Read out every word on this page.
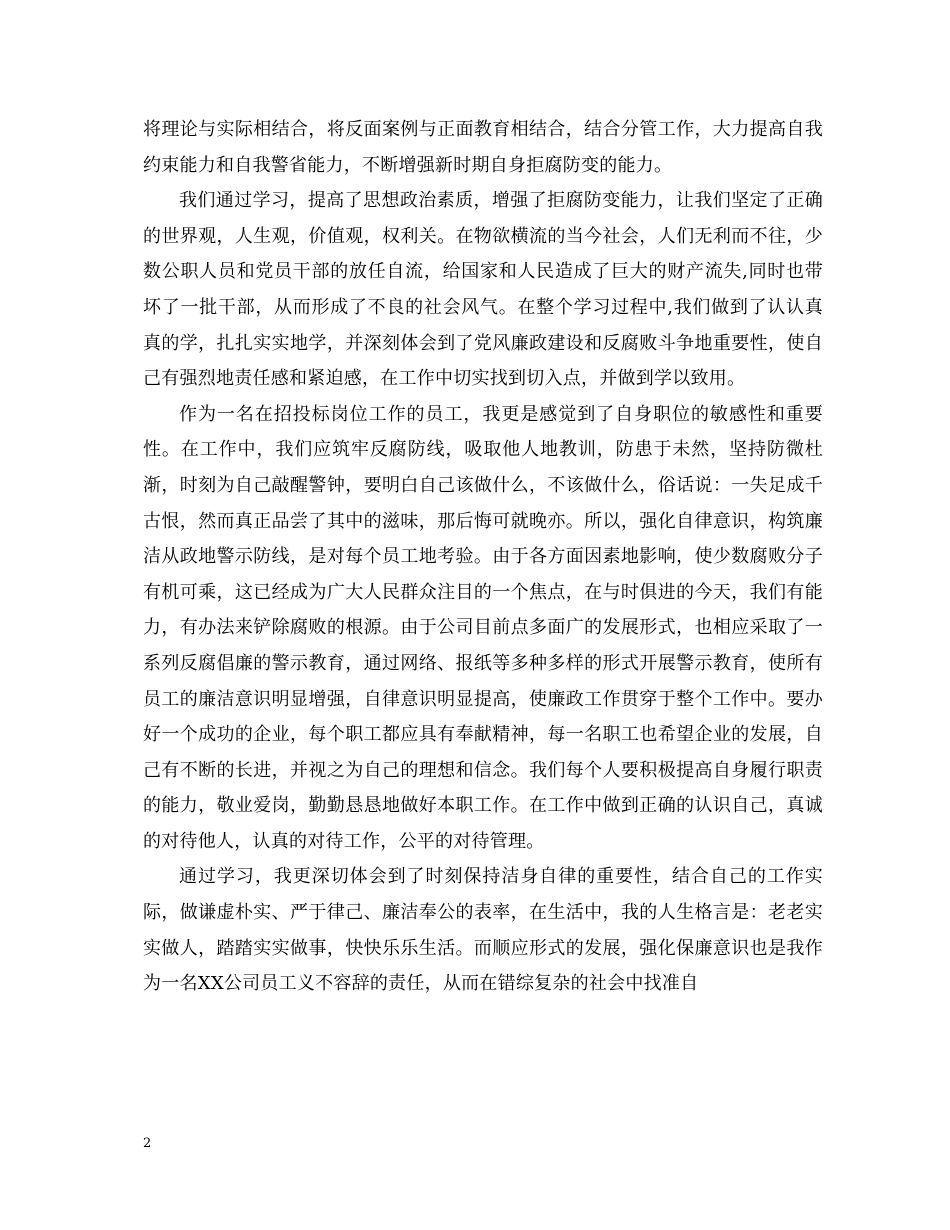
将理论与实际相结合，将反面案例与正面教育相结合，结合分管工作，大力提高自我约束能力和自我警省能力，不断增强新时期自身拒腐防变的能力。

我们通过学习，提高了思想政治素质，增强了拒腐防变能力，让我们坚定了正确的世界观，人生观，价值观，权利关。在物欲横流的当今社会，人们无利而不往，少数公职人员和党员干部的放任自流，给国家和人民造成了巨大的财产流失,同时也带坏了一批干部，从而形成了不良的社会风气。在整个学习过程中,我们做到了认认真真的学，扎扎实实地学，并深刻体会到了党风廉政建设和反腐败斗争地重要性，使自己有强烈地责任感和紧迫感，在工作中切实找到切入点，并做到学以致用。

作为一名在招投标岗位工作的员工，我更是感觉到了自身职位的敏感性和重要性。在工作中，我们应筑牢反腐防线，吸取他人地教训，防患于未然，坚持防微杜渐，时刻为自己敲醒警钟，要明白自己该做什么，不该做什么，俗话说：一失足成千古恨，然而真正品尝了其中的滋味，那后悔可就晚亦。所以，强化自律意识，构筑廉洁从政地警示防线，是对每个员工地考验。由于各方面因素地影响，使少数腐败分子有机可乘，这已经成为广大人民群众注目的一个焦点，在与时俱进的今天，我们有能力，有办法来铲除腐败的根源。由于公司目前点多面广的发展形式，也相应采取了一系列反腐倡廉的警示教育，通过网络、报纸等多种多样的形式开展警示教育，使所有员工的廉洁意识明显增强，自律意识明显提高，使廉政工作贯穿于整个工作中。要办好一个成功的企业，每个职工都应具有奉献精神，每一名职工也希望企业的发展，自己有不断的长进，并视之为自己的理想和信念。我们每个人要积极提高自身履行职责的能力，敬业爱岗，勤勤恳恳地做好本职工作。在工作中做到正确的认识自己，真诚的对待他人，认真的对待工作，公平的对待管理。

通过学习，我更深切体会到了时刻保持洁身自律的重要性，结合自己的工作实际，做谦虚朴实、严于律己、廉洁奉公的表率，在生活中，我的人生格言是：老老实实做人，踏踏实实做事，快快乐乐生活。而顺应形式的发展，强化保廉意识也是我作为一名XX公司员工义不容辞的责任，从而在错综复杂的社会中找准自

2
